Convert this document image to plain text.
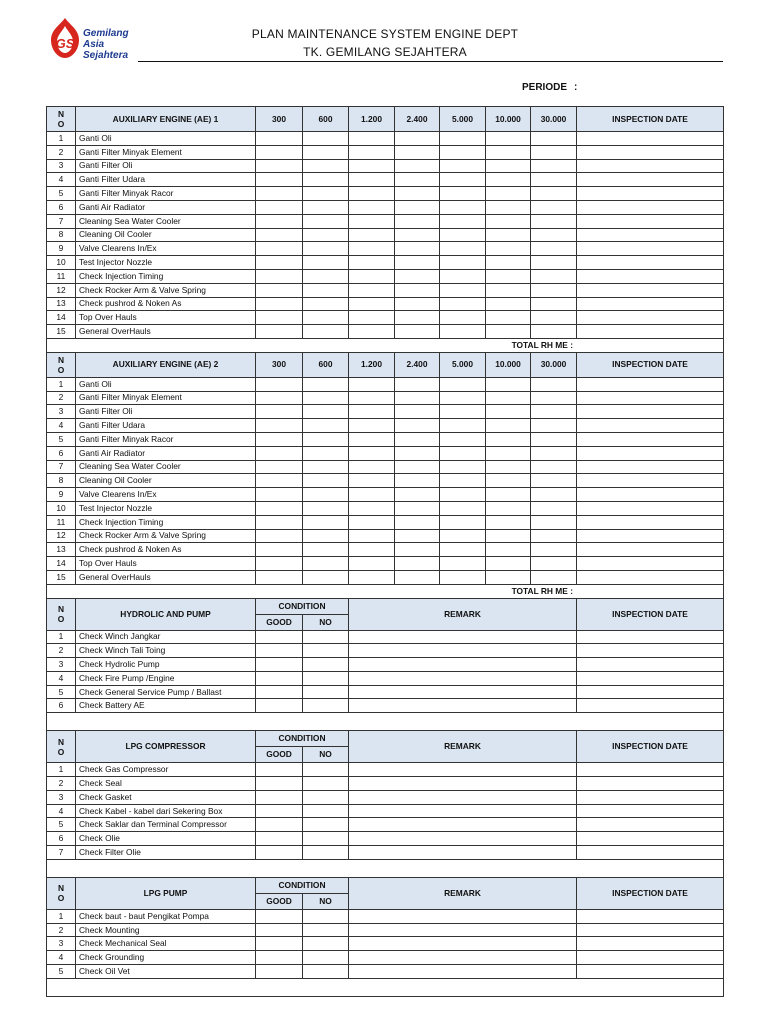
GS
Gemilang
Asia
Sejahtera
PLAN MAINTENANCE SYSTEM ENGINE DEPT
TK. GEMILANG SEJAHTERA
PERIODE :
N
O	AUXILIARY ENGINE (AE) 1	300	600	1.200	2.400	5.000	10.000	30.000	INSPECTION DATE
1	Ganti Oli								
2	Ganti Filter Minyak Element								
3	Ganti Filter Oli								
4	Ganti Filter Udara								
5	Ganti Filter Minyak Racor								
6	Ganti Air Radiator								
7	Cleaning Sea Water Cooler								
8	Cleaning Oil Cooler								
9	Valve Clearens In/Ex								
10	Test Injector Nozzle								
11	Check Injection Timing								
12	Check Rocker Arm & Valve Spring								
13	Check pushrod & Noken As								
14	Top Over Hauls								
15	General OverHauls								
TOTAL RH ME :									

N
O	AUXILIARY ENGINE (AE) 2	300	600	1.200	2.400	5.000	10.000	30.000	INSPECTION DATE
1	Ganti Oli								
2	Ganti Filter Minyak Element								
3	Ganti Filter Oli								
4	Ganti Filter Udara								
5	Ganti Filter Minyak Racor								
6	Ganti Air Radiator								
7	Cleaning Sea Water Cooler								
8	Cleaning Oil Cooler								
9	Valve Clearens In/Ex								
10	Test Injector Nozzle								
11	Check Injection Timing								
12	Check Rocker Arm & Valve Spring								
13	Check pushrod & Noken As								
14	Top Over Hauls								
15	General OverHauls								
TOTAL RH ME :									

N
O	HYDROLIC AND PUMP	CONDITION		REMARK					INSPECTION DATE
		GOOD	NO						
1	Check Winch Jangkar								
2	Check Winch Tali Toing								
3	Check Hydrolic Pump								
4	Check Fire Pump /Engine								
5	Check General Service Pump / Ballast								
6	Check Battery AE								

N
O	LPG COMPRESSOR	CONDITION		REMARK					INSPECTION DATE
		GOOD	NO						
1	Check Gas Compressor								
2	Check Seal								
3	Check Gasket								
4	Check Kabel - kabel dari Sekering Box								
5	Check Saklar dan Terminal Compressor								
6	Check Olie								
7	Check Filter Olie								

N
O	LPG PUMP	CONDITION		REMARK					INSPECTION DATE
		GOOD	NO						
1	Check baut - baut Pengikat Pompa								
2	Check Mounting								
3	Check Mechanical Seal								
4	Check Grounding								
5	Check Oil Vet								
